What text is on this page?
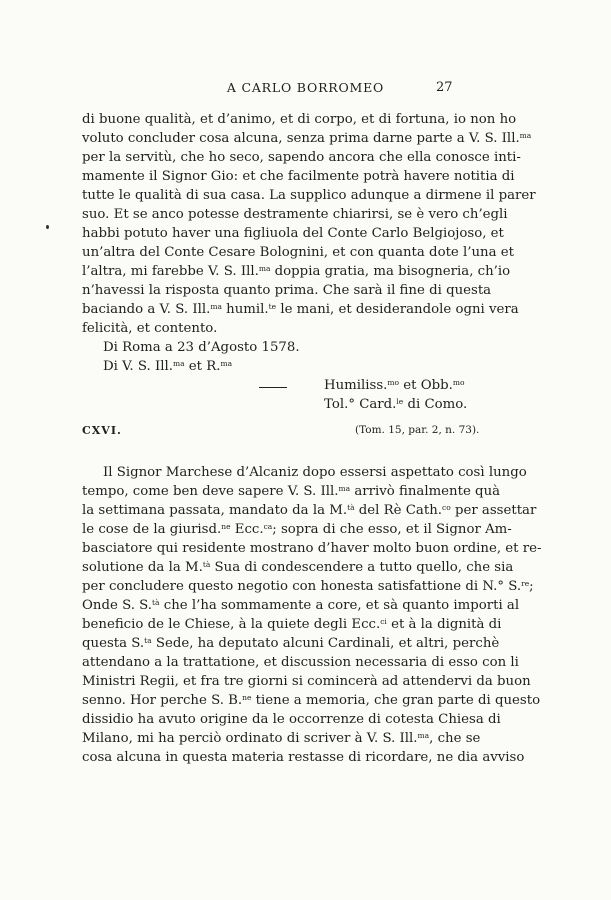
A CARLO BORROMEO	27
di buone qualità, et d’animo, et di corpo, et di fortuna, io non ho
voluto concluder cosa alcuna, senza prima darne parte a V. S. Ill.$^{ma}$
per la servitù, che ho seco, sapendo ancora che ella conosce inti-
mamente il Signor Gio: et che facilmente potrà havere notitia di
tutte le qualità di sua casa. La supplico adunque a dirmene il parer
suo. Et se anco potesse destramente chiarirsi, se è vero ch’egli
habbi potuto haver una figliuola del Conte Carlo Belgiojoso, et
un’altra del Conte Cesare Bolognini, et con quanta dote l’una et
l’altra, mi farebbe V. S. Ill.$^{ma}$ doppia gratia, ma bisogneria, ch’io
n’havessi la risposta quanto prima. Che sarà il fine di questa
baciando a V. S. Ill.$^{ma}$ humil.$^{te}$ le mani, et desiderandole ogni vera
felicità, et contento.
Di Roma a 23 d’Agosto 1578.
Di V. S. Ill.$^{ma}$ et R.$^{ma}$
Humiliss.$^{mo}$ et Obb.$^{mo}$
Tol.° Card.$^{le}$ di Como.
CXVI.	(Tom. 15, par. 2, n. 73).
Il Signor Marchese d’Alcaniz dopo essersi aspettato così lungo
tempo, come ben deve sapere V. S. Ill.$^{ma}$ arrivò finalmente quà
la settimana passata, mandato da la M.$^{tà}$ del Rè Cath.$^{co}$ per assettar
le cose de la giurisd.$^{ne}$ Ecc.$^{ca}$; sopra di che esso, et il Signor Am-
basciatore qui residente mostrano d’haver molto buon ordine, et re-
solutione da la M.$^{tà}$ Sua di condescendere a tutto quello, che sia
per concludere questo negotio con honesta satisfattione di N.° S.$^{re}$;
Onde S. S.$^{tà}$ che l’ha sommamente a core, et sà quanto importi al
beneficio de le Chiese, à la quiete degli Ecc.$^{ci}$ et à la dignità di
questa S.$^{ta}$ Sede, ha deputato alcuni Cardinali, et altri, perchè
attendano a la trattatione, et discussion necessaria di esso con li
Ministri Regii, et fra tre giorni si comincerà ad attendervi da buon
senno. Hor perche S. B.$^{ne}$ tiene a memoria, che gran parte di questo
dissidio ha avuto origine da le occorrenze di cotesta Chiesa di
Milano, mi ha perciò ordinato di scriver à V. S. Ill.$^{ma}$, che se
cosa alcuna in questa materia restasse di ricordare, ne dia avviso
